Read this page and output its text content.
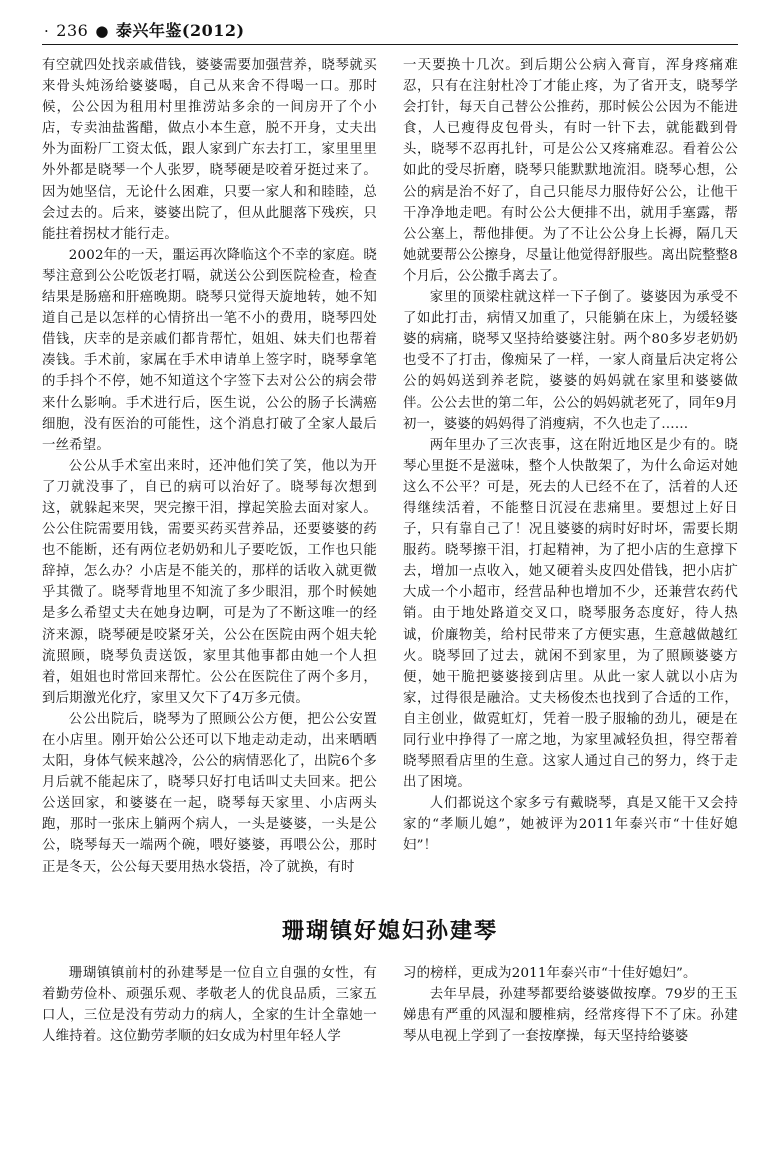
· 236 ● 泰兴年鉴(2012)

有空就四处找亲戚借钱，婆婆需要加强营养，晓琴就买来骨头炖汤给婆婆喝，自己从来舍不得喝一口。那时候，公公因为租用村里推涝站多余的一间房开了个小店，专卖油盐酱醋，做点小本生意，脱不开身，丈夫出外为面粉厂工资太低，跟人家到广东去打工，家里里里外外都是晓琴一个人张罗，晓琴硬是咬着牙挺过来了。因为她坚信，无论什么困难，只要一家人和和睦睦，总会过去的。后来，婆婆出院了，但从此腿落下残疾，只能拄着拐杖才能行走。

2002年的一天，噩运再次降临这个不幸的家庭。晓琴注意到公公吃饭老打嗝，就送公公到医院检查，检查结果是肠癌和肝癌晚期。晓琴只觉得天旋地转，她不知道自己是以怎样的心情挤出一笔不小的费用，晓琴四处借钱，庆幸的是亲戚们都肯帮忙，姐姐、妹夫们也帮着凑钱。手术前，家属在手术申请单上签字时，晓琴拿笔的手抖个不停，她不知道这个字签下去对公公的病会带来什么影响。手术进行后，医生说，公公的肠子长满癌细胞，没有医治的可能性，这个消息打破了全家人最后一丝希望。

公公从手术室出来时，还冲他们笑了笑，他以为开了刀就没事了，自已的病可以治好了。晓琴每次想到这，就躲起来哭，哭完擦干泪，撑起笑脸去面对家人。公公住院需要用钱，需要买药买营养品，还要婆婆的药也不能断，还有两位老奶奶和儿子要吃饭，工作也只能辞掉，怎么办？小店是不能关的，那样的话收入就更微乎其微了。晓琴背地里不知流了多少眼泪，那个时候她是多么希望丈夫在她身边啊，可是为了不断这唯一的经济来源，晓琴硬是咬紧牙关，公公在医院由两个姐夫轮流照顾，晓琴负责送饭，家里其他事都由她一个人担着，姐姐也时常回来帮忙。公公在医院住了两个多月，到后期激光化疗，家里又欠下了4万多元债。

公公出院后，晓琴为了照顾公公方便，把公公安置在小店里。刚开始公公还可以下地走动走动，出来晒晒太阳，身体气候来越冷，公公的病情恶化了，出院6个多月后就不能起床了，晓琴只好打电话叫丈夫回来。把公公送回家，和婆婆在一起，晓琴每天家里、小店两头跑，那时一张床上躺两个病人，一头是婆婆，一头是公公，晓琴每天一端两个碗，喂好婆婆，再喂公公，那时正是冬天，公公每天要用热水袋捂，冷了就换，有时

一天要换十几次。到后期公公病入膏肓，浑身疼痛难忍，只有在注射杜冷丁才能止疼，为了省开支，晓琴学会打针，每天自己替公公推药，那时候公公因为不能进食，人已瘦得皮包骨头，有时一针下去，就能戳到骨头，晓琴不忍再扎针，可是公公又疼痛难忍。看着公公如此的受尽折磨，晓琴只能默默地流泪。晓琴心想，公公的病是治不好了，自己只能尽力服侍好公公，让他干干净净地走吧。有时公公大便排不出，就用手塞露，帮公公塞上，帮他排便。为了不让公公身上长褥，隔几天她就要帮公公擦身，尽量让他觉得舒服些。离出院整整8个月后，公公撒手离去了。

家里的顶梁柱就这样一下子倒了。婆婆因为承受不了如此打击，病情又加重了，只能躺在床上，为缓轻婆婆的病痛，晓琴又坚持给婆婆注射。两个80多岁老奶奶也受不了打击，像痴呆了一样，一家人商量后决定将公公的妈妈送到养老院，婆婆的妈妈就在家里和婆婆做伴。公公去世的第二年，公公的妈妈就老死了，同年9月初一，婆婆的妈妈得了消瘦病，不久也走了……

两年里办了三次丧事，这在附近地区是少有的。晓琴心里挺不是滋味，整个人快散架了，为什么命运对她这么不公平？可是，死去的人已经不在了，活着的人还得继续活着，不能整日沉浸在悲痛里。要想过上好日子，只有靠自己了！况且婆婆的病时好时坏，需要长期服药。晓琴擦干泪，打起精神，为了把小店的生意撑下去，增加一点收入，她又硬着头皮四处借钱，把小店扩大成一个小超市，经营品种也增加不少，还兼营农药代销。由于地处路道交叉口，晓琴服务态度好，待人热诚，价廉物美，给村民带来了方便实惠，生意越做越红火。晓琴回了过去，就闲不到家里，为了照顾婆婆方便，她干脆把婆婆接到店里。从此一家人就以小店为家，过得很是融洽。丈夫杨俊杰也找到了合适的工作，自主创业，做霓虹灯，凭着一股子服输的劲儿，硬是在同行业中挣得了一席之地，为家里减轻负担，得空帮着晓琴照看店里的生意。这家人通过自己的努力，终于走出了困境。

人们都说这个家多亏有戴晓琴，真是又能干又会持家的“孝顺儿媳”，她被评为2011年泰兴市“十佳好媳妇”！

珊瑚镇好媳妇孙建琴

珊瑚镇镇前村的孙建琴是一位自立自强的女性，有着勤劳俭朴、顽强乐观、孝敬老人的优良品质，三家五口人，三位是没有劳动力的病人，全家的生计全靠她一人维持着。这位勤劳孝顺的妇女成为村里年轻人学

习的榜样，更成为2011年泰兴市“十佳好媳妇”。

去年早晨，孙建琴都要给婆婆做按摩。79岁的王玉娣患有严重的风湿和腰椎病，经常疼得下不了床。孙建琴从电视上学到了一套按摩操，每天坚持给婆婆
